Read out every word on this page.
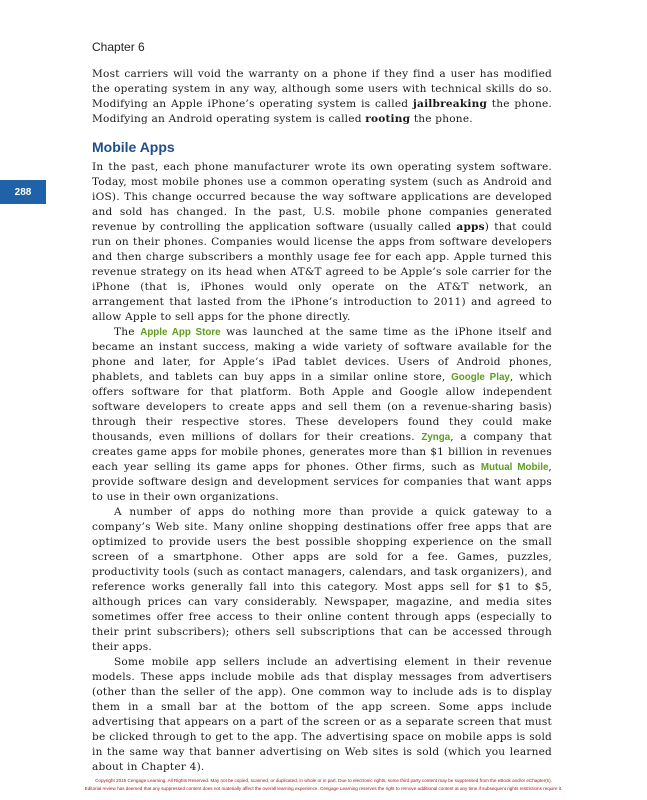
Chapter 6
288

Most carriers will void the warranty on a phone if they find a user has modified the operating system in any way, although some users with technical skills do so. Modifying an Apple iPhone’s operating system is called jailbreaking the phone. Modifying an Android operating system is called rooting the phone.

Mobile Apps

In the past, each phone manufacturer wrote its own operating system software. Today, most mobile phones use a common operating system (such as Android and iOS). This change occurred because the way software applications are developed and sold has changed. In the past, U.S. mobile phone companies generated revenue by controlling the application software (usually called apps) that could run on their phones. Companies would license the apps from software developers and then charge subscribers a monthly usage fee for each app. Apple turned this revenue strategy on its head when AT&T agreed to be Apple’s sole carrier for the iPhone (that is, iPhones would only operate on the AT&T network, an arrangement that lasted from the iPhone’s introduction to 2011) and agreed to allow Apple to sell apps for the phone directly.

The Apple App Store was launched at the same time as the iPhone itself and became an instant success, making a wide variety of software available for the phone and later, for Apple’s iPad tablet devices. Users of Android phones, phablets, and tablets can buy apps in a similar online store, Google Play, which offers software for that platform. Both Apple and Google allow independent software developers to create apps and sell them (on a revenue-sharing basis) through their respective stores. These developers found they could make thousands, even millions of dollars for their creations. Zynga, a company that creates game apps for mobile phones, generates more than $1 billion in revenues each year selling its game apps for phones. Other firms, such as Mutual Mobile, provide software design and development services for companies that want apps to use in their own organizations.

A number of apps do nothing more than provide a quick gateway to a company’s Web site. Many online shopping destinations offer free apps that are optimized to provide users the best possible shopping experience on the small screen of a smartphone. Other apps are sold for a fee. Games, puzzles, productivity tools (such as contact managers, calendars, and task organizers), and reference works generally fall into this category. Most apps sell for $1 to $5, although prices can vary considerably. Newspaper, magazine, and media sites sometimes offer free access to their online content through apps (especially to their print subscribers); others sell subscriptions that can be accessed through their apps.

Some mobile app sellers include an advertising element in their revenue models. These apps include mobile ads that display messages from advertisers (other than the seller of the app). One common way to include ads is to display them in a small bar at the bottom of the app screen. Some apps include advertising that appears on a part of the screen or as a separate screen that must be clicked through to get to the app. The advertising space on mobile apps is sold in the same way that banner advertising on Web sites is sold (which you learned about in Chapter 4).

Copyright 2015 Cengage Learning. All Rights Reserved. May not be copied, scanned, or duplicated, in whole or in part. Due to electronic rights, some third party content may be suppressed from the eBook and/or eChapter(s).
Editorial review has deemed that any suppressed content does not materially affect the overall learning experience. Cengage Learning reserves the right to remove additional content at any time if subsequent rights restrictions require it.
